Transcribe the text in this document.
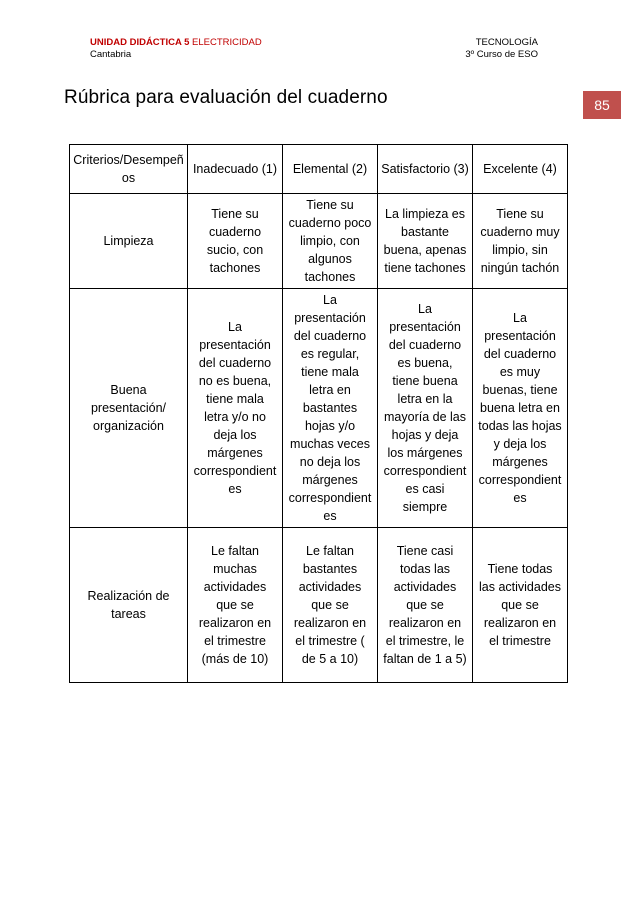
UNIDAD DIDÁCTICA 5 ELECTRICIDAD
Cantabria
TECNOLOGÍA
3º Curso de ESO
Rúbrica para evaluación del cuaderno	85
Criterios/Desempeños	Inadecuado (1)	Elemental (2)	Satisfactorio (3)	Excelente (4)
Limpieza	Tiene su cuaderno sucio, con tachones	Tiene su cuaderno poco limpio, con algunos tachones	La limpieza es bastante buena, apenas tiene tachones	Tiene su cuaderno muy limpio, sin ningún tachón
Buena presentación/ organización	La presentación del cuaderno no es buena, tiene mala letra y/o no deja los márgenes correspondientes	La presentación del cuaderno es regular, tiene mala letra en bastantes hojas y/o muchas veces no deja los márgenes correspondientes	La presentación del cuaderno es buena, tiene buena letra en la mayoría de las hojas y deja los márgenes correspondientes casi siempre	La presentación del cuaderno es muy buenas, tiene buena letra en todas las hojas y deja los márgenes correspondientes
Realización de tareas	Le faltan muchas actividades que se realizaron en el trimestre (más de 10)	Le faltan bastantes actividades que se realizaron en el trimestre ( de 5 a 10)	Tiene casi todas las actividades que se realizaron en el trimestre, le faltan de 1 a 5)	Tiene todas las actividades que se realizaron en el trimestre
